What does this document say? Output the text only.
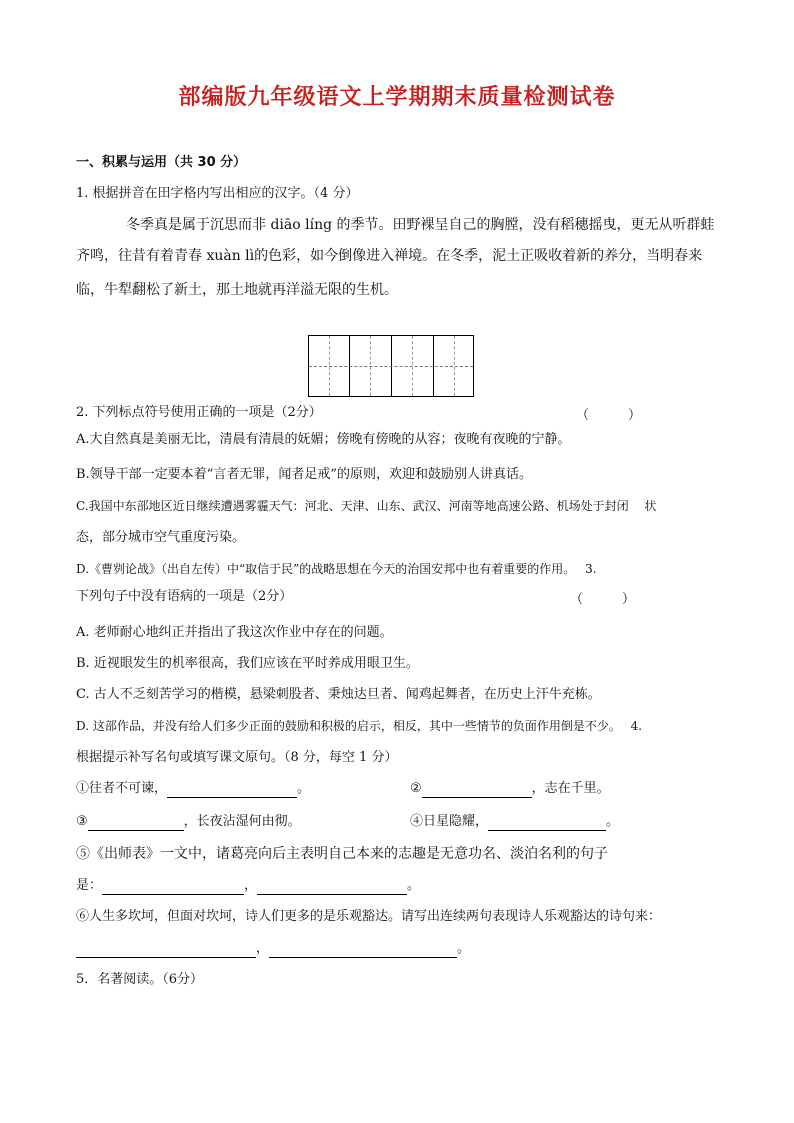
部编版九年级语文上学期期末质量检测试卷
一、积累与运用（共 30 分）
1. 根据拼音在田字格内写出相应的汉字。（4 分）
冬季真是属于沉思而非 diāo líng 的季节。田野裸呈自己的胸膛，没有稻穗摇曳，更无从听群蛙
齐鸣，往昔有着青春 xuàn lì的色彩，如今倒像进入禅境。在冬季，泥土正吸收着新的养分，当明春来
临，牛犁翻松了新土，那土地就再洋溢无限的生机。
2. 下列标点符号使用正确的一项是（2分）	（　　　）
A.大自然真是美丽无比，清晨有清晨的妩媚；傍晚有傍晚的从容；夜晚有夜晚的宁静。
B.领导干部一定要本着“言者无罪，闻者足戒”的原则，欢迎和鼓励别人讲真话。
C.我国中东部地区近日继续遭遇雾霾天气：河北、天津、山东、武汉、河南等地高速公路、机场处于封闭　 状
态，部分城市空气重度污染。
D.《曹刿论战》（出自左传）中“取信于民”的战略思想在今天的治国安邦中也有着重要的作用。　 3.
下列句子中没有语病的一项是（2分）	（　　　）
A. 老师耐心地纠正并指出了我这次作业中存在的问题。
B. 近视眼发生的机率很高，我们应该在平时养成用眼卫生。
C. 古人不乏刻苦学习的楷模，悬梁刺股者、秉烛达旦者、闻鸡起舞者，在历史上汗牛充栋。
D. 这部作品，并没有给人们多少正面的鼓励和积极的启示，相反，其中一些情节的负面作用倒是不少。　 4.
根据提示补写名句或填写课文原句。（8 分，每空 1 分）
①往者不可谏，	。	②	，志在千里。
③	，长夜沾湿何由彻。	④日星隐耀，	。
⑤《出师表》一文中，诸葛亮向后主表明自己本来的志趣是无意功名、淡泊名利的句子
是：	，	。
⑥人生多坎坷，但面对坎坷，诗人们更多的是乐观豁达。请写出连续两句表现诗人乐观豁达的诗句来：
，	。
5．名著阅读。（6分）
